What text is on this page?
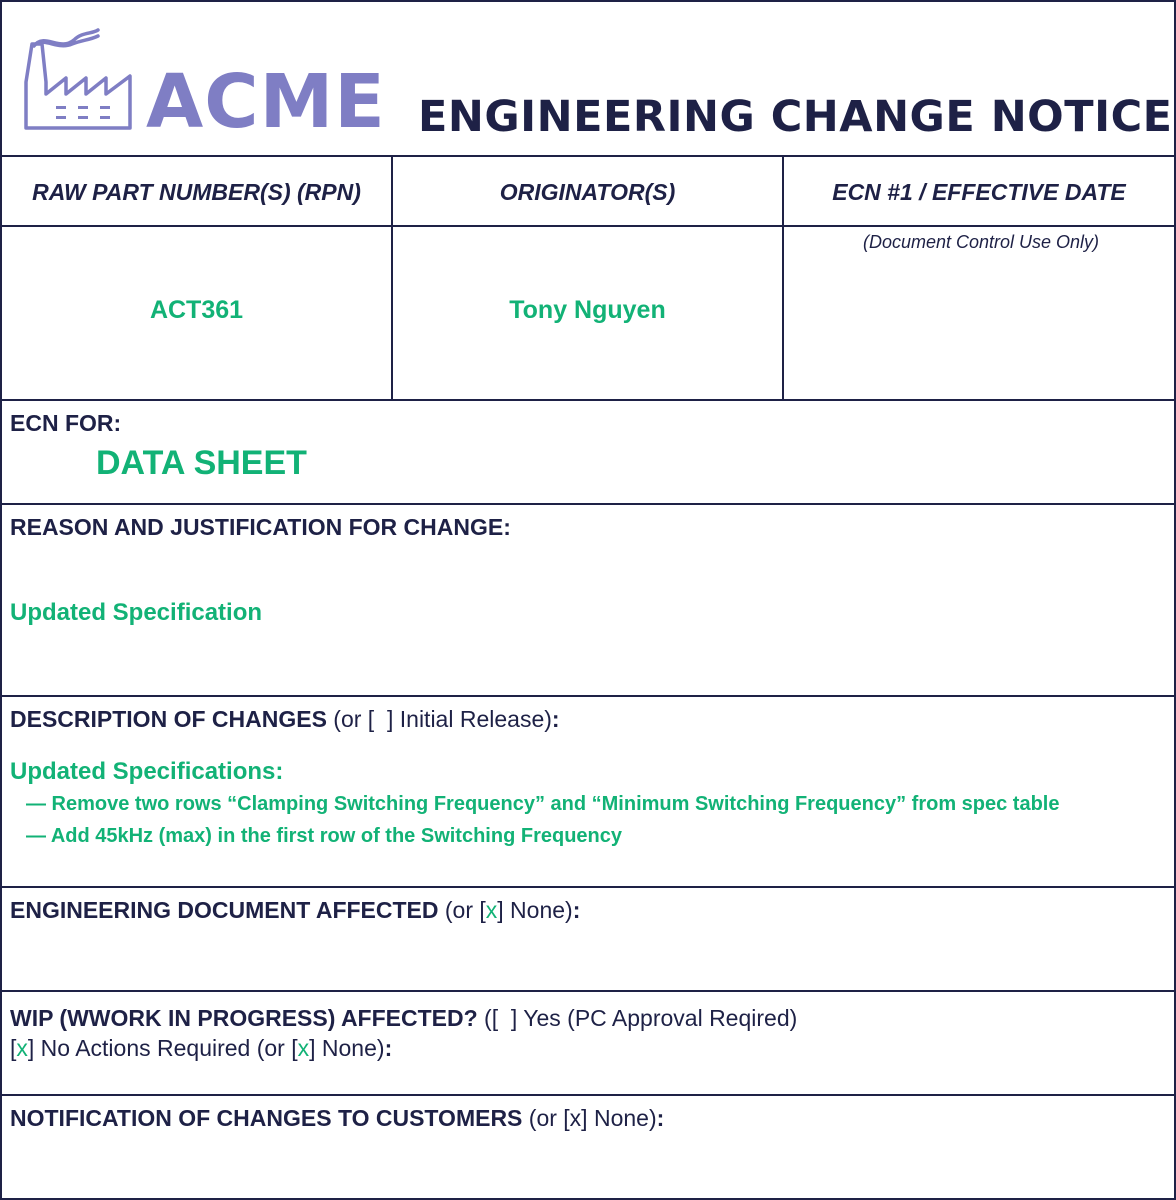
ACME ENGINEERING CHANGE NOTICE
RAW PART NUMBER(S) (RPN)	ORIGINATOR(S)	ECN #1 / EFFECTIVE DATE
ACT361	Tony Nguyen
(Document Control Use Only)
ECN FOR:
DATA SHEET
REASON AND JUSTIFICATION FOR CHANGE:
Updated Specification
DESCRIPTION OF CHANGES (or [ ] Initial Release):
Updated Specifications:
— Remove two rows “Clamping Switching Frequency” and “Minimum Switching Frequency” from spec table
— Add 45kHz (max) in the first row of the Switching Frequency
ENGINEERING DOCUMENT AFFECTED (or [x] None):
WIP (WWORK IN PROGRESS) AFFECTED? ([ ] Yes (PC Approval Reqired)
[x] No Actions Required (or [x] None):
NOTIFICATION OF CHANGES TO CUSTOMERS (or [x] None):
